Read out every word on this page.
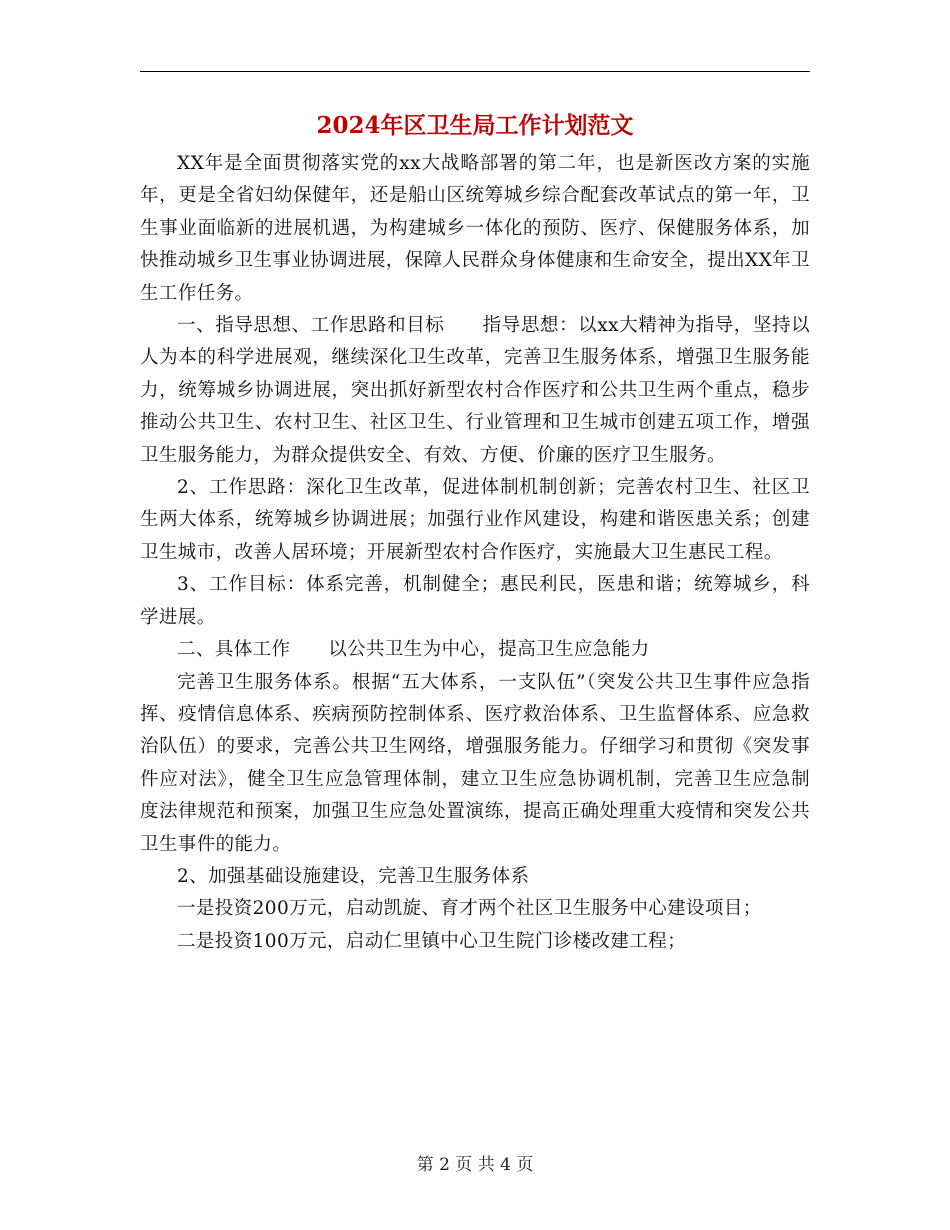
2024年区卫生局工作计划范文

XX年是全面贯彻落实党的xx大战略部署的第二年，也是新医改方案的实施年，更是全省妇幼保健年，还是船山区统筹城乡综合配套改革试点的第一年，卫生事业面临新的进展机遇，为构建城乡一体化的预防、医疗、保健服务体系，加快推动城乡卫生事业协调进展，保障人民群众身体健康和生命安全，提出XX年卫生工作任务。

一、指导思想、工作思路和目标　　指导思想：以xx大精神为指导，坚持以人为本的科学进展观，继续深化卫生改革，完善卫生服务体系，增强卫生服务能力，统筹城乡协调进展，突出抓好新型农村合作医疗和公共卫生两个重点，稳步推动公共卫生、农村卫生、社区卫生、行业管理和卫生城市创建五项工作，增强卫生服务能力，为群众提供安全、有效、方便、价廉的医疗卫生服务。

2、工作思路：深化卫生改革，促进体制机制创新；完善农村卫生、社区卫生两大体系，统筹城乡协调进展；加强行业作风建设，构建和谐医患关系；创建卫生城市，改善人居环境；开展新型农村合作医疗，实施最大卫生惠民工程。

3、工作目标：体系完善，机制健全；惠民利民，医患和谐；统筹城乡，科学进展。

二、具体工作　　以公共卫生为中心，提高卫生应急能力

完善卫生服务体系。根据“五大体系，一支队伍”（突发公共卫生事件应急指挥、疫情信息体系、疾病预防控制体系、医疗救治体系、卫生监督体系、应急救治队伍）的要求，完善公共卫生网络，增强服务能力。仔细学习和贯彻《突发事件应对法》，健全卫生应急管理体制，建立卫生应急协调机制，完善卫生应急制度法律规范和预案，加强卫生应急处置演练，提高正确处理重大疫情和突发公共卫生事件的能力。

2、加强基础设施建设，完善卫生服务体系

一是投资200万元，启动凯旋、育才两个社区卫生服务中心建设项目；

二是投资100万元，启动仁里镇中心卫生院门诊楼改建工程；

第 2 页 共 4 页
